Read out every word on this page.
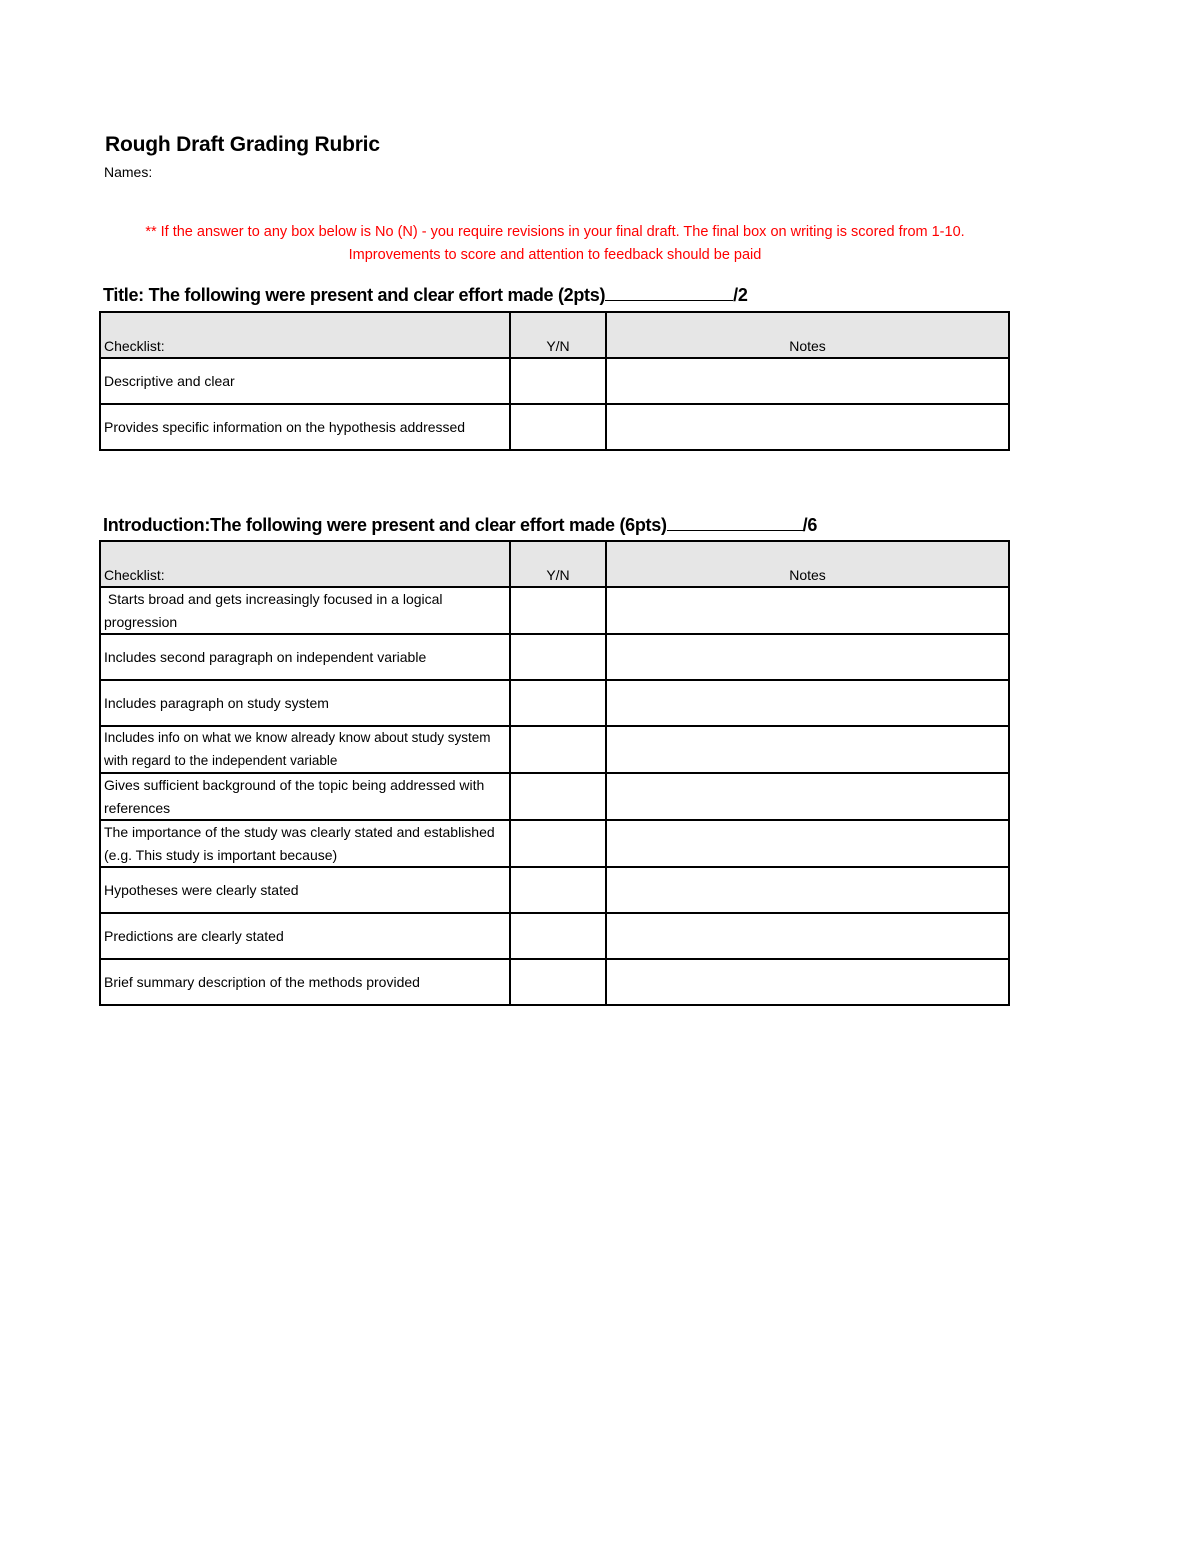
Rough Draft Grading Rubric
Names:
** If the answer to any box below is No (N) - you require revisions in your final draft. The final box on writing is scored from 1-10. Improvements to score and attention to feedback should be paid
Title: The following were present and clear effort made (2pts)	/2
Checklist:	Y/N	Notes
Descriptive and clear		
Provides specific information on the hypothesis addressed		
Introduction:The following were present and clear effort made (6pts)	/6
Checklist:	Y/N	Notes
Starts broad and gets increasingly focused in a logical progression		
Includes second paragraph on independent variable		
Includes paragraph on study system		
Includes info on what we know already know about study system with regard to the independent variable		
Gives sufficient background of the topic being addressed with references		
The importance of the study was clearly stated and established (e.g. This study is important because)		
Hypotheses were clearly stated		
Predictions are clearly stated		
Brief summary description of the methods provided		
